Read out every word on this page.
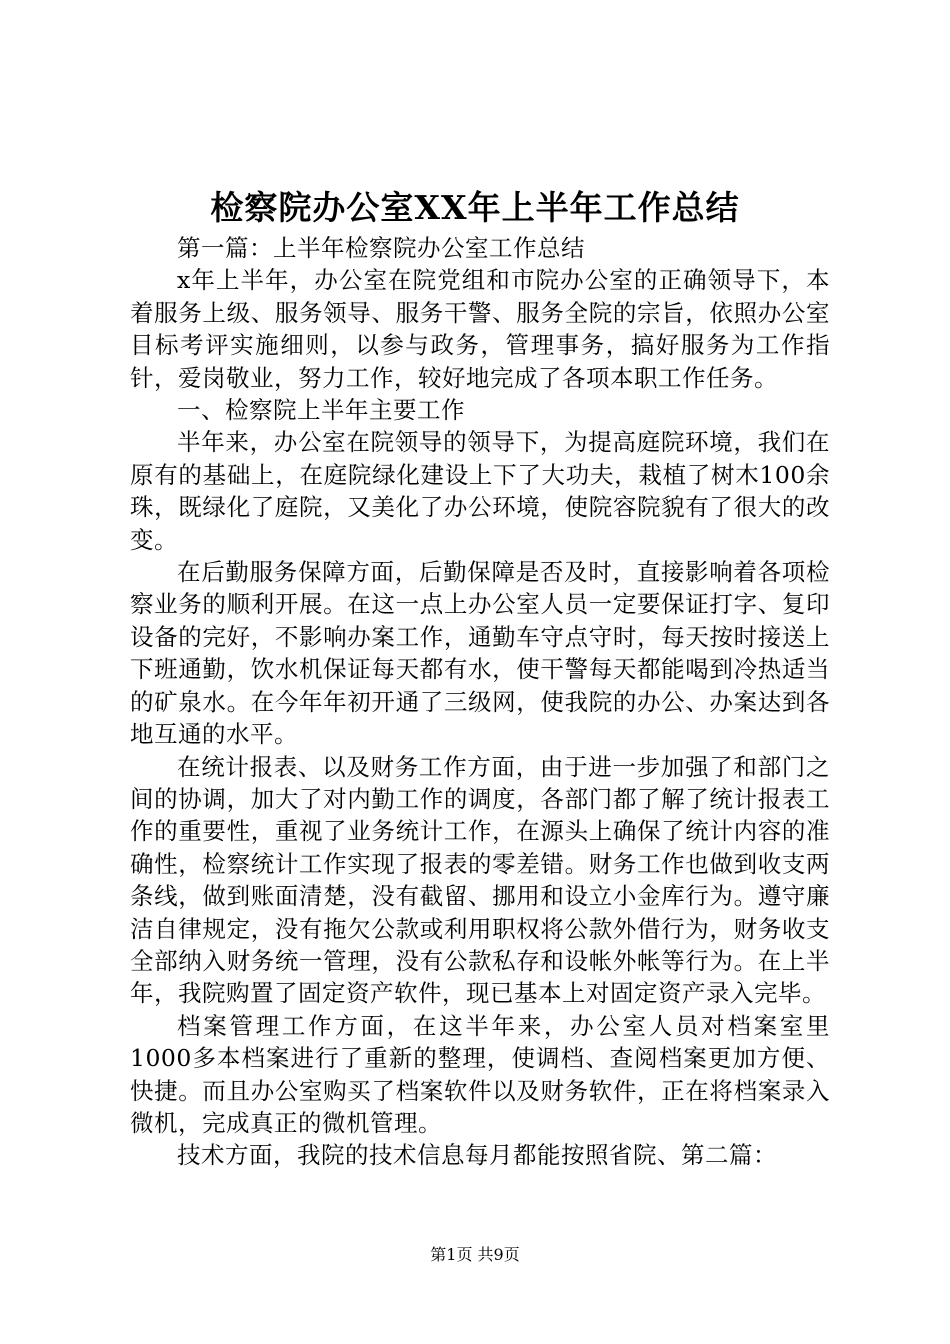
检察院办公室XX年上半年工作总结

第一篇：上半年检察院办公室工作总结

x年上半年，办公室在院党组和市院办公室的正确领导下，本着服务上级、服务领导、服务干警、服务全院的宗旨，依照办公室目标考评实施细则，以参与政务，管理事务，搞好服务为工作指针，爱岗敬业，努力工作，较好地完成了各项本职工作任务。

一、检察院上半年主要工作

半年来，办公室在院领导的领导下，为提高庭院环境，我们在原有的基础上，在庭院绿化建设上下了大功夫，栽植了树木100余珠，既绿化了庭院，又美化了办公环境，使院容院貌有了很大的改变。

在后勤服务保障方面，后勤保障是否及时，直接影响着各项检察业务的顺利开展。在这一点上办公室人员一定要保证打字、复印设备的完好，不影响办案工作，通勤车守点守时，每天按时接送上下班通勤，饮水机保证每天都有水，使干警每天都能喝到冷热适当的矿泉水。在今年年初开通了三级网，使我院的办公、办案达到各地互通的水平。

在统计报表、以及财务工作方面，由于进一步加强了和部门之间的协调，加大了对内勤工作的调度，各部门都了解了统计报表工作的重要性，重视了业务统计工作，在源头上确保了统计内容的准确性，检察统计工作实现了报表的零差错。财务工作也做到收支两条线，做到账面清楚，没有截留、挪用和设立小金库行为。遵守廉洁自律规定，没有拖欠公款或利用职权将公款外借行为，财务收支全部纳入财务统一管理，没有公款私存和设帐外帐等行为。在上半年，我院购置了固定资产软件，现已基本上对固定资产录入完毕。

档案管理工作方面，在这半年来，办公室人员对档案室里1000多本档案进行了重新的整理，使调档、查阅档案更加方便、快捷。而且办公室购买了档案软件以及财务软件，正在将档案录入微机，完成真正的微机管理。

技术方面，我院的技术信息每月都能按照省院、第二篇：

第1页 共9页
